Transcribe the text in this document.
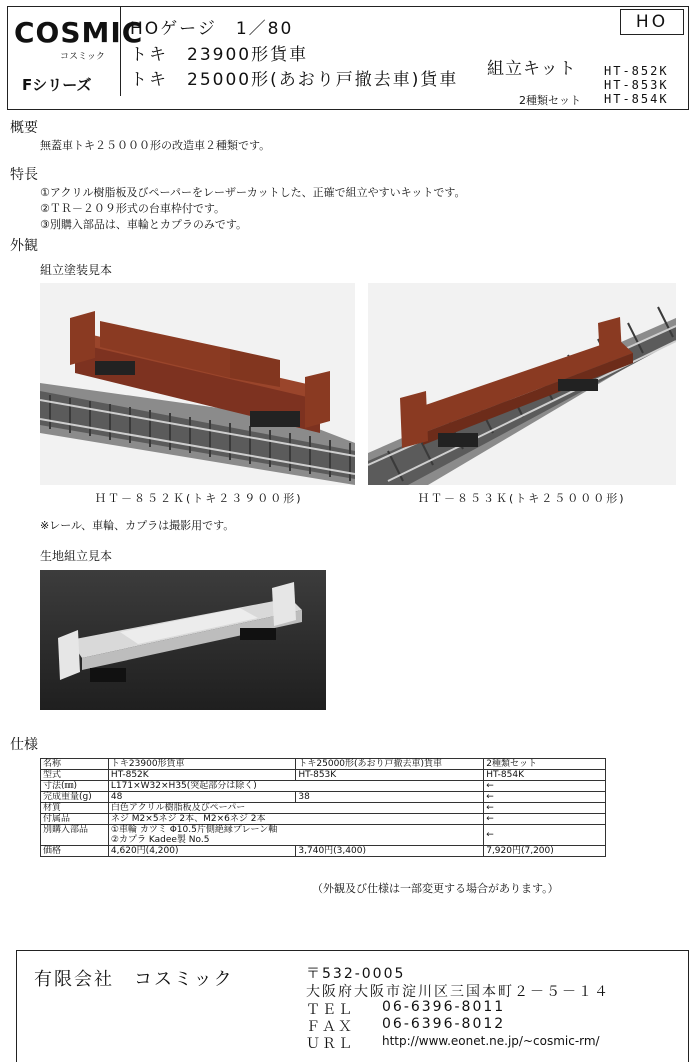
COSMIC
コスミック
Fシリーズ
HOゲージ　1／80
トキ　23900形貨車
トキ　25000形(あおり戸撤去車)貨車
組立キット
HO
HT-852K
HT-853K
HT-854K
2種類セット
概要
無蓋車トキ２５０００形の改造車２種類です。
特長
①アクリル樹脂板及びペーパーをレーザーカットした、正確で組立やすいキットです。
②ＴＲ－２０９形式の台車枠付です。
③別購入部品は、車輪とカプラのみです。
外観
組立塗装見本
ＨＴ－８５２Ｋ(トキ２３９００形)	ＨＴ－８５３Ｋ(トキ２５０００形)
※レール、車輪、カプラは撮影用です。
生地組立見本
仕様
名称	トキ23900形貨車	トキ25000形(あおり戸撤去車)貨車	2種類セット
型式	HT-852K	HT-853K	HT-854K
寸法(㎜)	L171×W32×H35(突起部分は除く)		←
完成重量(g)	48	38	←
材質	白色アクリル樹脂板及びペーパー		←
付属品	ネジ M2×5ネジ 2本、M2×6ネジ 2本		←
別購入部品	①車輪 カツミ Φ10.5片側絶縁プレーン軸		←
	②カプラ Kadee製 No.5		
価格	4,620円(4,200)	3,740円(3,400)	7,920円(7,200)
（外観及び仕様は一部変更する場合があります。）
有限会社　コスミック	〒532-0005
大阪府大阪市淀川区三国本町２－５－１４
ＴＥＬ 06-6396-8011
ＦＡＸ 06-6396-8012
ＵＲＬ http://www.eonet.ne.jp/~cosmic-rm/
